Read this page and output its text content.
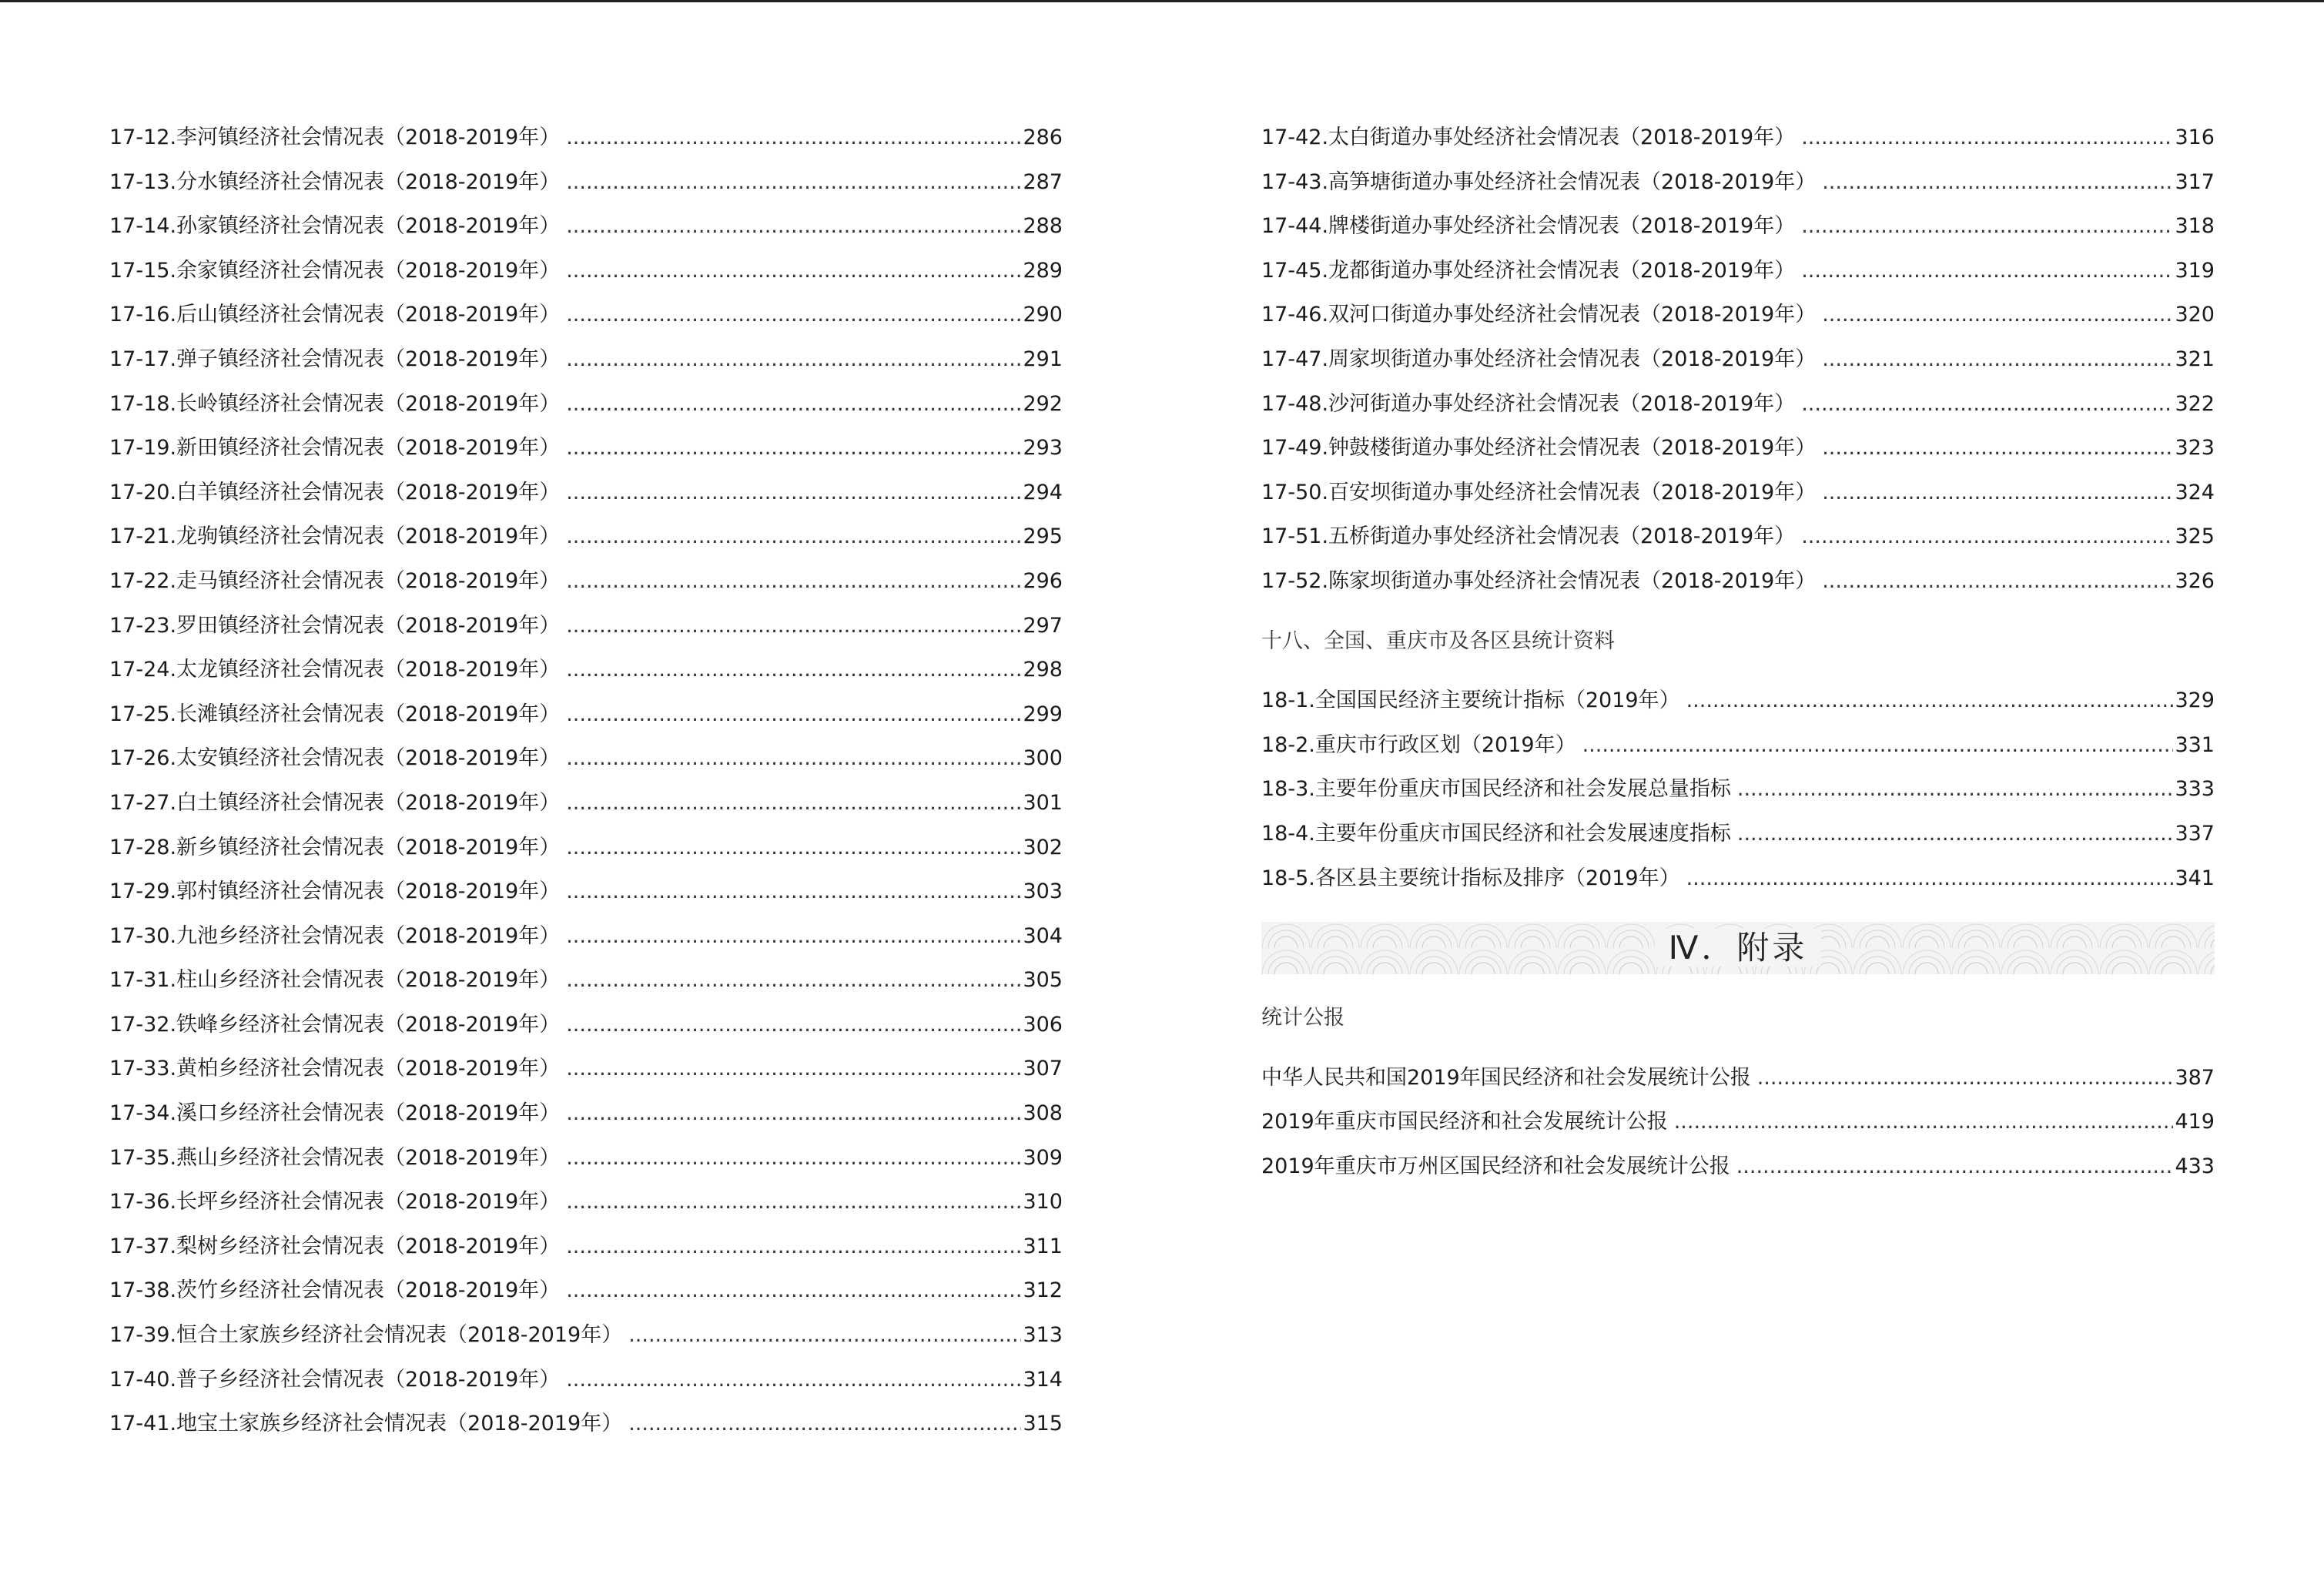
17-12.李河镇经济社会情况表（2018-2019年） .....	286
17-13.分水镇经济社会情况表（2018-2019年） .....	287
17-14.孙家镇经济社会情况表（2018-2019年） .....	288
17-15.余家镇经济社会情况表（2018-2019年） .....	289
17-16.后山镇经济社会情况表（2018-2019年） .....	290
17-17.弹子镇经济社会情况表（2018-2019年） .....	291
17-18.长岭镇经济社会情况表（2018-2019年） .....	292
17-19.新田镇经济社会情况表（2018-2019年） .....	293
17-20.白羊镇经济社会情况表（2018-2019年） .....	294
17-21.龙驹镇经济社会情况表（2018-2019年） .....	295
17-22.走马镇经济社会情况表（2018-2019年） .....	296
17-23.罗田镇经济社会情况表（2018-2019年） .....	297
17-24.太龙镇经济社会情况表（2018-2019年） .....	298
17-25.长滩镇经济社会情况表（2018-2019年） .....	299
17-26.太安镇经济社会情况表（2018-2019年） .....	300
17-27.白土镇经济社会情况表（2018-2019年） .....	301
17-28.新乡镇经济社会情况表（2018-2019年） .....	302
17-29.郭村镇经济社会情况表（2018-2019年） .....	303
17-30.九池乡经济社会情况表（2018-2019年） .....	304
17-31.柱山乡经济社会情况表（2018-2019年） .....	305
17-32.铁峰乡经济社会情况表（2018-2019年） .....	306
17-33.黄柏乡经济社会情况表（2018-2019年） .....	307
17-34.溪口乡经济社会情况表（2018-2019年） .....	308
17-35.燕山乡经济社会情况表（2018-2019年） .....	309
17-36.长坪乡经济社会情况表（2018-2019年） .....	310
17-37.梨树乡经济社会情况表（2018-2019年） .....	311
17-38.茨竹乡经济社会情况表（2018-2019年） .....	312
17-39.恒合土家族乡经济社会情况表（2018-2019年） .....	313
17-40.普子乡经济社会情况表（2018-2019年） .....	314
17-41.地宝土家族乡经济社会情况表（2018-2019年） .....	315
17-42.太白街道办事处经济社会情况表（2018-2019年） .....	316
17-43.高笋塘街道办事处经济社会情况表（2018-2019年） .....	317
17-44.牌楼街道办事处经济社会情况表（2018-2019年） .....	318
17-45.龙都街道办事处经济社会情况表（2018-2019年） .....	319
17-46.双河口街道办事处经济社会情况表（2018-2019年） .....	320
17-47.周家坝街道办事处经济社会情况表（2018-2019年） .....	321
17-48.沙河街道办事处经济社会情况表（2018-2019年） .....	322
17-49.钟鼓楼街道办事处经济社会情况表（2018-2019年） .....	323
17-50.百安坝街道办事处经济社会情况表（2018-2019年） .....	324
17-51.五桥街道办事处经济社会情况表（2018-2019年） .....	325
17-52.陈家坝街道办事处经济社会情况表（2018-2019年） .....	326
十八、全国、重庆市及各区县统计资料
18-1.全国国民经济主要统计指标（2019年） .....	329
18-2.重庆市行政区划（2019年） .....	331
18-3.主要年份重庆市国民经济和社会发展总量指标 .....	333
18-4.主要年份重庆市国民经济和社会发展速度指标 .....	337
18-5.各区县主要统计指标及排序（2019年） .....	341
Ⅳ．附录
统计公报
中华人民共和国2019年国民经济和社会发展统计公报 .....	387
2019年重庆市国民经济和社会发展统计公报 .....	419
2019年重庆市万州区国民经济和社会发展统计公报 .....	433
